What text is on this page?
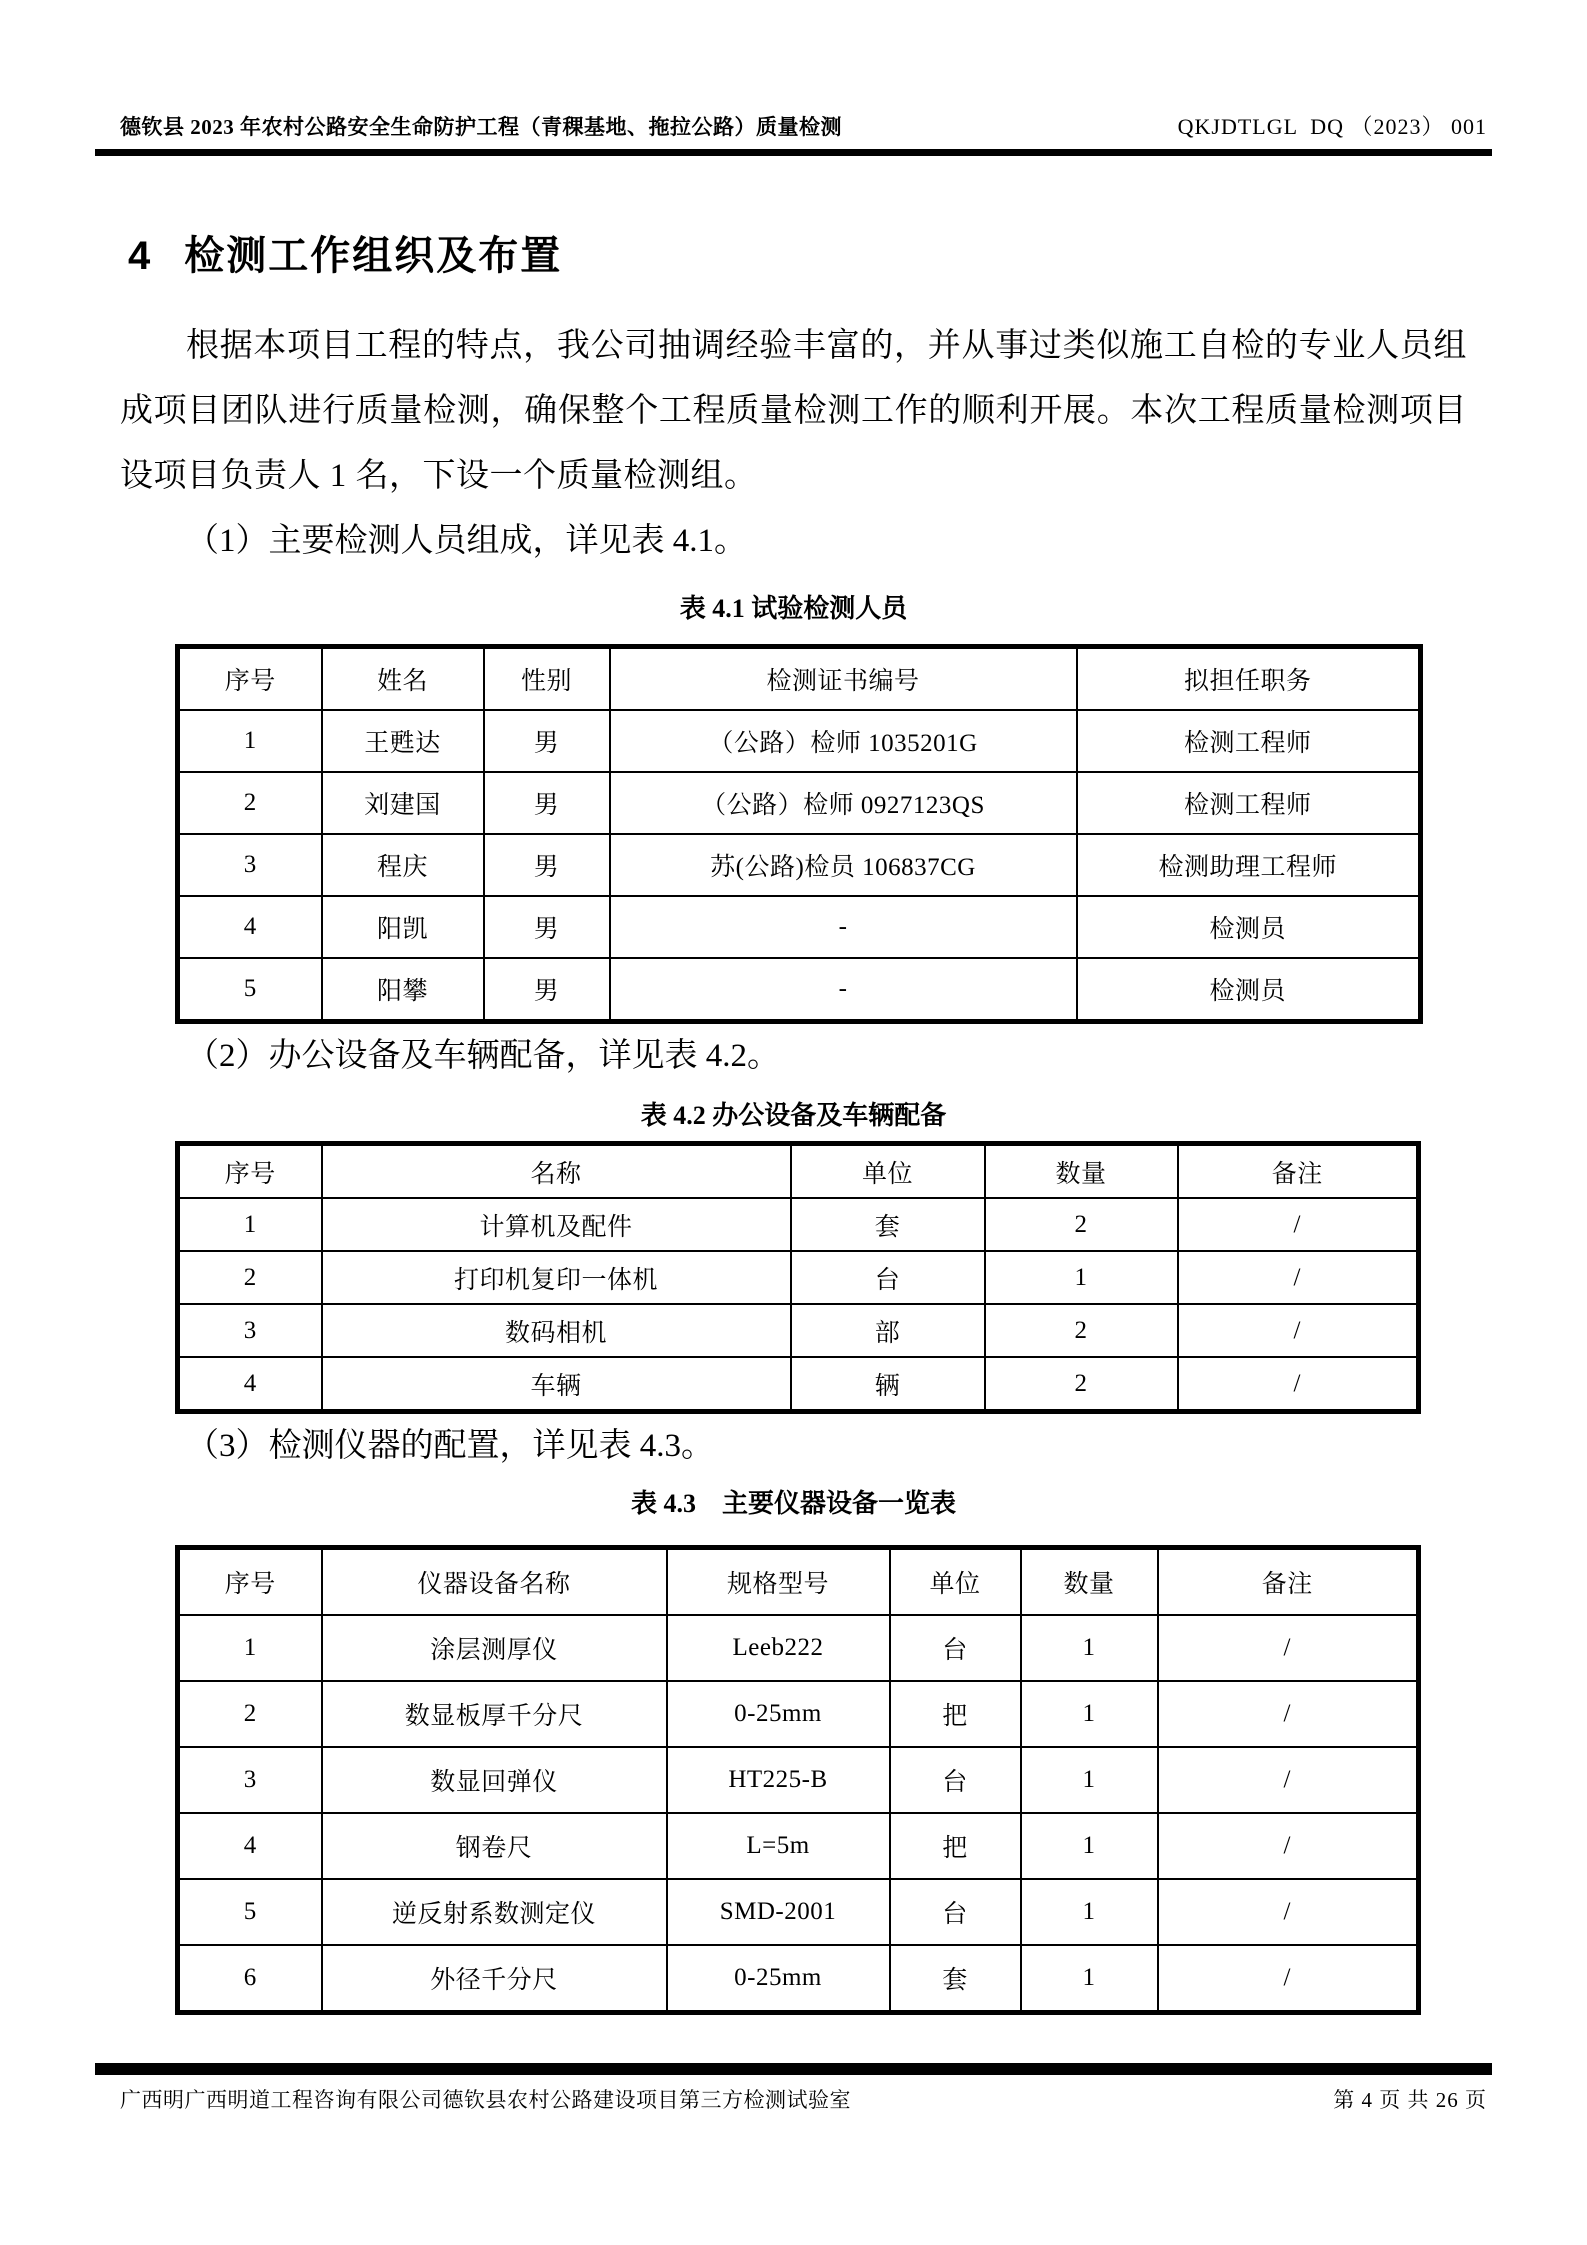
德钦县 2023 年农村公路安全生命防护工程（青稞基地、拖拉公路）质量检测	QKJDTLGL  DQ （2023） 001
4 检测工作组织及布置

根据本项目工程的特点，我公司抽调经验丰富的，并从事过类似施工自检的专业人员组成项目团队进行质量检测，确保整个工程质量检测工作的顺利开展。本次工程质量检测项目设项目负责人 1 名，下设一个质量检测组。

（1）主要检测人员组成，详见表 4.1。

表 4.1 试验检测人员

序号	姓名	性别	检测证书编号	拟担任职务
1	王甦达	男	（公路）检师 1035201G	检测工程师
2	刘建国	男	（公路）检师 0927123QS	检测工程师
3	程庆	男	苏(公路)检员 106837CG	检测助理工程师
4	阳凯	男	-	检测员
5	阳攀	男	-	检测员

（2）办公设备及车辆配备，详见表 4.2。

表 4.2 办公设备及车辆配备

序号	名称	单位	数量	备注
1	计算机及配件	套	2	/
2	打印机复印一体机	台	1	/
3	数码相机	部	2	/
4	车辆	辆	2	/

（3）检测仪器的配置，详见表 4.3。

表 4.3　主要仪器设备一览表

序号	仪器设备名称	规格型号	单位	数量	备注
1	涂层测厚仪	Leeb222	台	1	/
2	数显板厚千分尺	0-25mm	把	1	/
3	数显回弹仪	HT225-B	台	1	/
4	钢卷尺	L=5m	把	1	/
5	逆反射系数测定仪	SMD-2001	台	1	/
6	外径千分尺	0-25mm	套	1	/
广西明广西明道工程咨询有限公司德钦县农村公路建设项目第三方检测试验室	第 4 页 共 26 页
